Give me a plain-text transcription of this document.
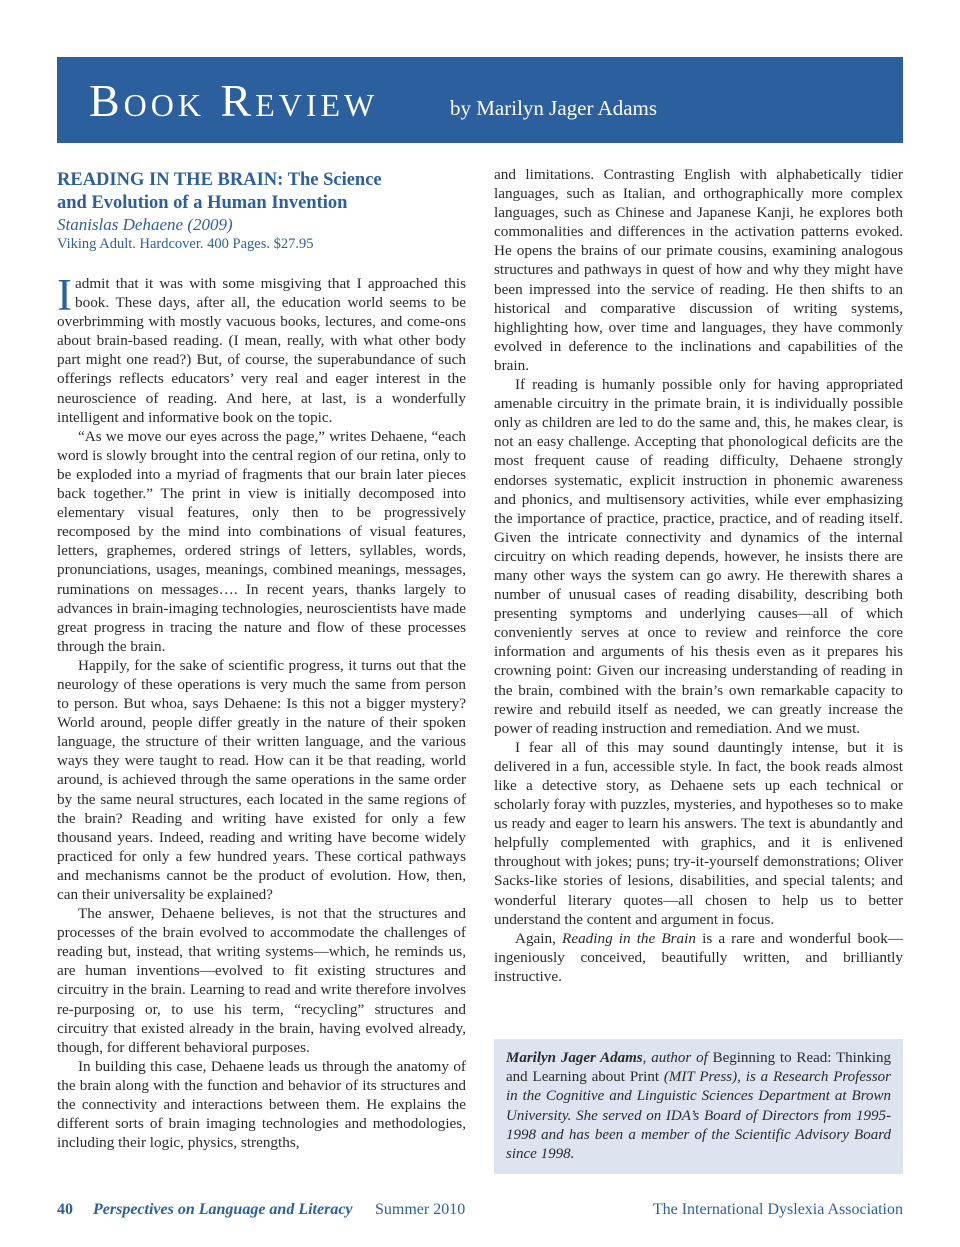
Book Review	by Marilyn Jager Adams
READING IN THE BRAIN: The Science and Evolution of a Human Invention
Stanislas Dehaene (2009)
Viking Adult. Hardcover. 400 Pages. $27.95

Iadmit that it was with some misgiving that I approached this book. These days, after all, the education world seems to be overbrimming with mostly vacuous books, lectures, and come-ons about brain-based reading. (I mean, really, with what other body part might one read?) But, of course, the superabundance of such offerings reflects educators’ very real and eager interest in the neuroscience of reading. And here, at last, is a wonderfully intelligent and informative book on the topic.

“As we move our eyes across the page,” writes Dehaene, “each word is slowly brought into the central region of our retina, only to be exploded into a myriad of fragments that our brain later pieces back together.” The print in view is initially decomposed into elementary visual features, only then to be progressively recomposed by the mind into combinations of visual features, letters, graphemes, ordered strings of letters, syllables, words, pronunciations, usages, meanings, combined meanings, messages, ruminations on messages…. In recent years, thanks largely to advances in brain-imaging technologies, neuroscientists have made great progress in tracing the nature and flow of these processes through the brain.

Happily, for the sake of scientific progress, it turns out that the neurology of these operations is very much the same from person to person. But whoa, says Dehaene: Is this not a bigger mystery? World around, people differ greatly in the nature of their spoken language, the structure of their written language, and the various ways they were taught to read. How can it be that reading, world around, is achieved through the same operations in the same order by the same neural structures, each located in the same regions of the brain? Reading and writing have existed for only a few thousand years. Indeed, reading and writing have become widely practiced for only a few hundred years. These cortical pathways and mechanisms cannot be the product of evolution. How, then, can their universality be explained?

The answer, Dehaene believes, is not that the structures and processes of the brain evolved to accommodate the challenges of reading but, instead, that writing systems—which, he reminds us, are human inventions—evolved to fit existing structures and circuitry in the brain. Learning to read and write therefore involves re-purposing or, to use his term, “recycling” structures and circuitry that existed already in the brain, having evolved already, though, for different behavioral purposes.

In building this case, Dehaene leads us through the anatomy of the brain along with the function and behavior of its structures and the connectivity and interactions between them. He explains the different sorts of brain imaging technologies and methodologies, including their logic, physics, strengths,

and limitations. Contrasting English with alphabetically tidier languages, such as Italian, and orthographically more complex languages, such as Chinese and Japanese Kanji, he explores both commonalities and differences in the activation patterns evoked. He opens the brains of our primate cousins, examining analogous structures and pathways in quest of how and why they might have been impressed into the service of reading. He then shifts to an historical and comparative discussion of writing systems, highlighting how, over time and languages, they have commonly evolved in deference to the inclinations and capabilities of the brain.

If reading is humanly possible only for having appropriated amenable circuitry in the primate brain, it is individually possible only as children are led to do the same and, this, he makes clear, is not an easy challenge. Accepting that phonological deficits are the most frequent cause of reading difficulty, Dehaene strongly endorses systematic, explicit instruction in phonemic awareness and phonics, and multisensory activities, while ever emphasizing the importance of practice, practice, practice, and of reading itself. Given the intricate connectivity and dynamics of the internal circuitry on which reading depends, however, he insists there are many other ways the system can go awry. He therewith shares a number of unusual cases of reading disability, describing both presenting symptoms and underlying causes—all of which conveniently serves at once to review and reinforce the core information and arguments of his thesis even as it prepares his crowning point: Given our increasing understanding of reading in the brain, combined with the brain’s own remarkable capacity to rewire and rebuild itself as needed, we can greatly increase the power of reading instruction and remediation. And we must.

I fear all of this may sound dauntingly intense, but it is delivered in a fun, accessible style. In fact, the book reads almost like a detective story, as Dehaene sets up each technical or scholarly foray with puzzles, mysteries, and hypotheses so to make us ready and eager to learn his answers. The text is abundantly and helpfully complemented with graphics, and it is enlivened throughout with jokes; puns; try-it-yourself demonstrations; Oliver Sacks-like stories of lesions, disabilities, and special talents; and wonderful literary quotes—all chosen to help us to better understand the content and argument in focus.

Again, Reading in the Brain is a rare and wonderful book—ingeniously conceived, beautifully written, and brilliantly instructive.

Marilyn Jager Adams, author of Beginning to Read: Thinking and Learning about Print (MIT Press), is a Research Professor in the Cognitive and Linguistic Sciences Department at Brown University. She served on IDA’s Board of Directors from 1995-1998 and has been a member of the Scientific Advisory Board since 1998.
40 Perspectives on Language and Literacy Summer 2010	The International Dyslexia Association
